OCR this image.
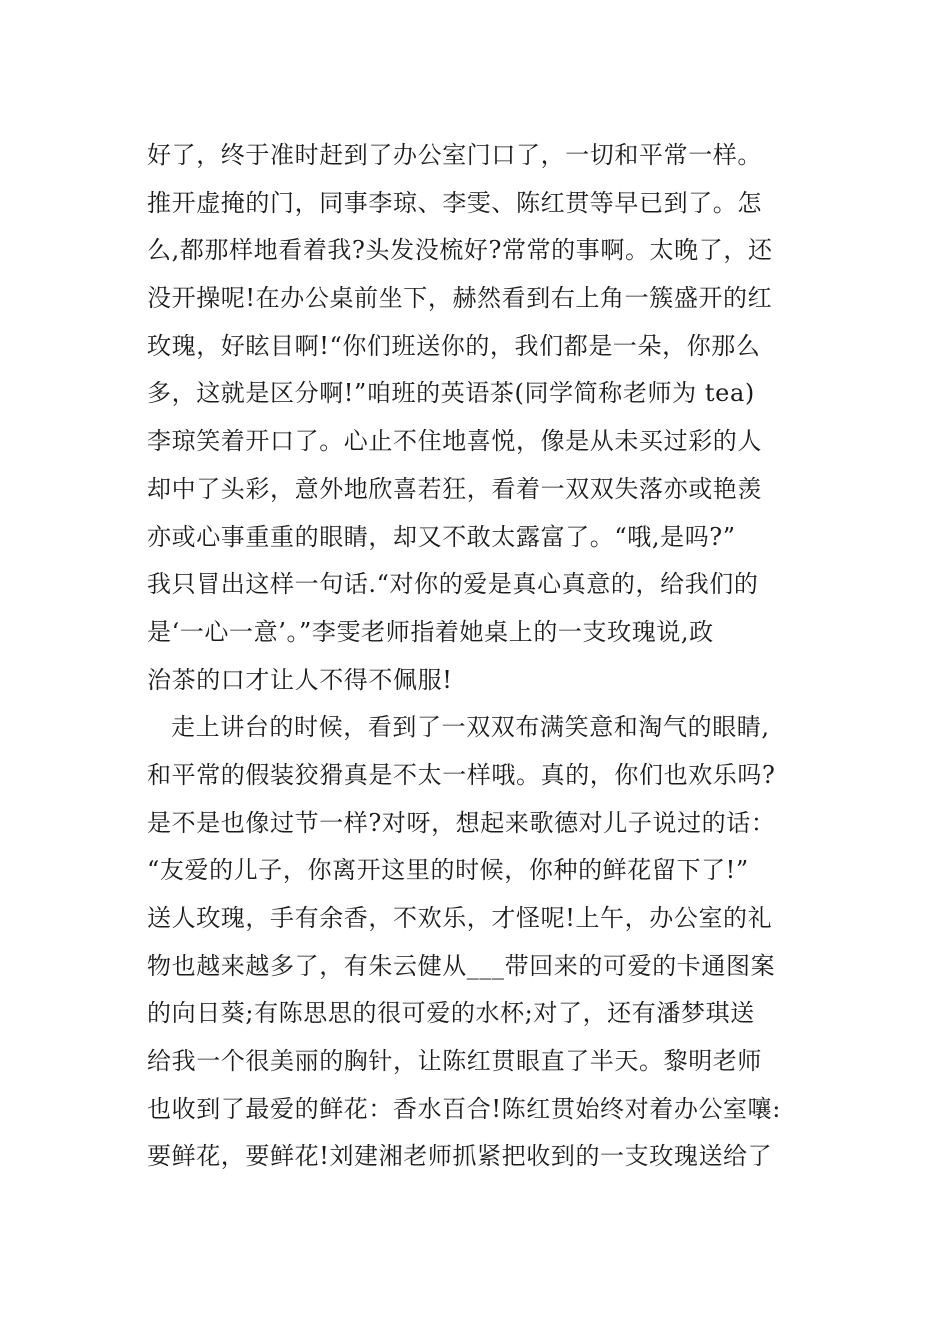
好了，终于准时赶到了办公室门口了，一切和平常一样。
推开虚掩的门，同事李琼、李雯、陈红贯等早已到了。怎
么,都那样地看着我?头发没梳好?常常的事啊。太晚了，还
没开操呢!在办公桌前坐下，赫然看到右上角一簇盛开的红
玫瑰，好眩目啊!“你们班送你的，我们都是一朵，你那么
多，这就是区分啊!”咱班的英语茶(同学简称老师为 tea)
李琼笑着开口了。心止不住地喜悦，像是从未买过彩的人
却中了头彩，意外地欣喜若狂，看着一双双失落亦或艳羡
亦或心事重重的眼睛，却又不敢太露富了。“哦,是吗?”
我只冒出这样一句话.“对你的爱是真心真意的，给我们的
是‘一心一意’。”李雯老师指着她桌上的一支玫瑰说,政
治茶的口才让人不得不佩服!
走上讲台的时候，看到了一双双布满笑意和淘气的眼睛,
和平常的假装狡猾真是不太一样哦。真的，你们也欢乐吗?
是不是也像过节一样?对呀，想起来歌德对儿子说过的话：
“友爱的儿子，你离开这里的时候，你种的鲜花留下了!”
送人玫瑰，手有余香，不欢乐，才怪呢!上午，办公室的礼
物也越来越多了，有朱云健从___带回来的可爱的卡通图案
的向日葵;有陈思思的很可爱的水杯;对了，还有潘梦琪送
给我一个很美丽的胸针，让陈红贯眼直了半天。黎明老师
也收到了最爱的鲜花：香水百合!陈红贯始终对着办公室嚷:
要鲜花，要鲜花!刘建湘老师抓紧把收到的一支玫瑰送给了
